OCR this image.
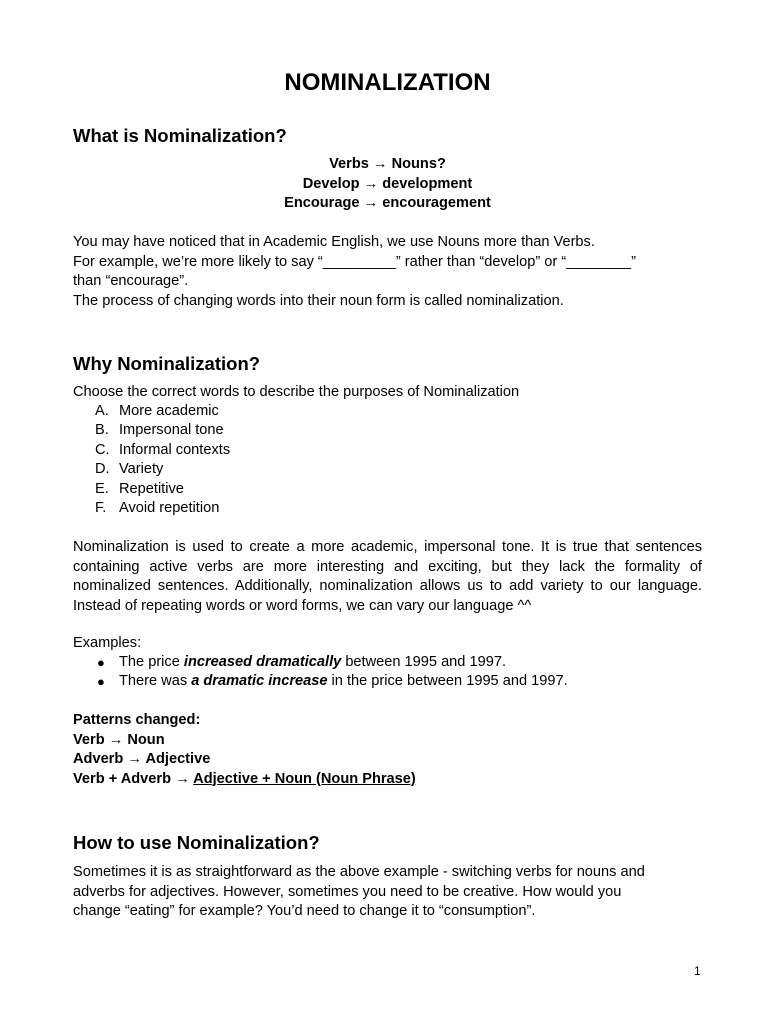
NOMINALIZATION
What is Nominalization?
Verbs → Nouns?
Develop → development
Encourage → encouragement
You may have noticed that in Academic English, we use Nouns more than Verbs.
For example, we’re more likely to say “_________” rather than “develop” or “________”
than “encourage”.
The process of changing words into their noun form is called nominalization.
Why Nominalization?
Choose the correct words to describe the purposes of Nominalization
A. More academic
B. Impersonal tone
C. Informal contexts
D. Variety
E. Repetitive
F. Avoid repetition
Nominalization is used to create a more academic, impersonal tone. It is true that sentences containing active verbs are more interesting and exciting, but they lack the formality of nominalized sentences. Additionally, nominalization allows us to add variety to our language. Instead of repeating words or word forms, we can vary our language ^^
Examples:
● The price increased dramatically between 1995 and 1997.
● There was a dramatic increase in the price between 1995 and 1997.
Patterns changed:
Verb → Noun
Adverb → Adjective
Verb + Adverb → Adjective + Noun (Noun Phrase)
How to use Nominalization?
Sometimes it is as straightforward as the above example - switching verbs for nouns and
adverbs for adjectives. However, sometimes you need to be creative. How would you
change “eating” for example? You’d need to change it to “consumption”.
1
